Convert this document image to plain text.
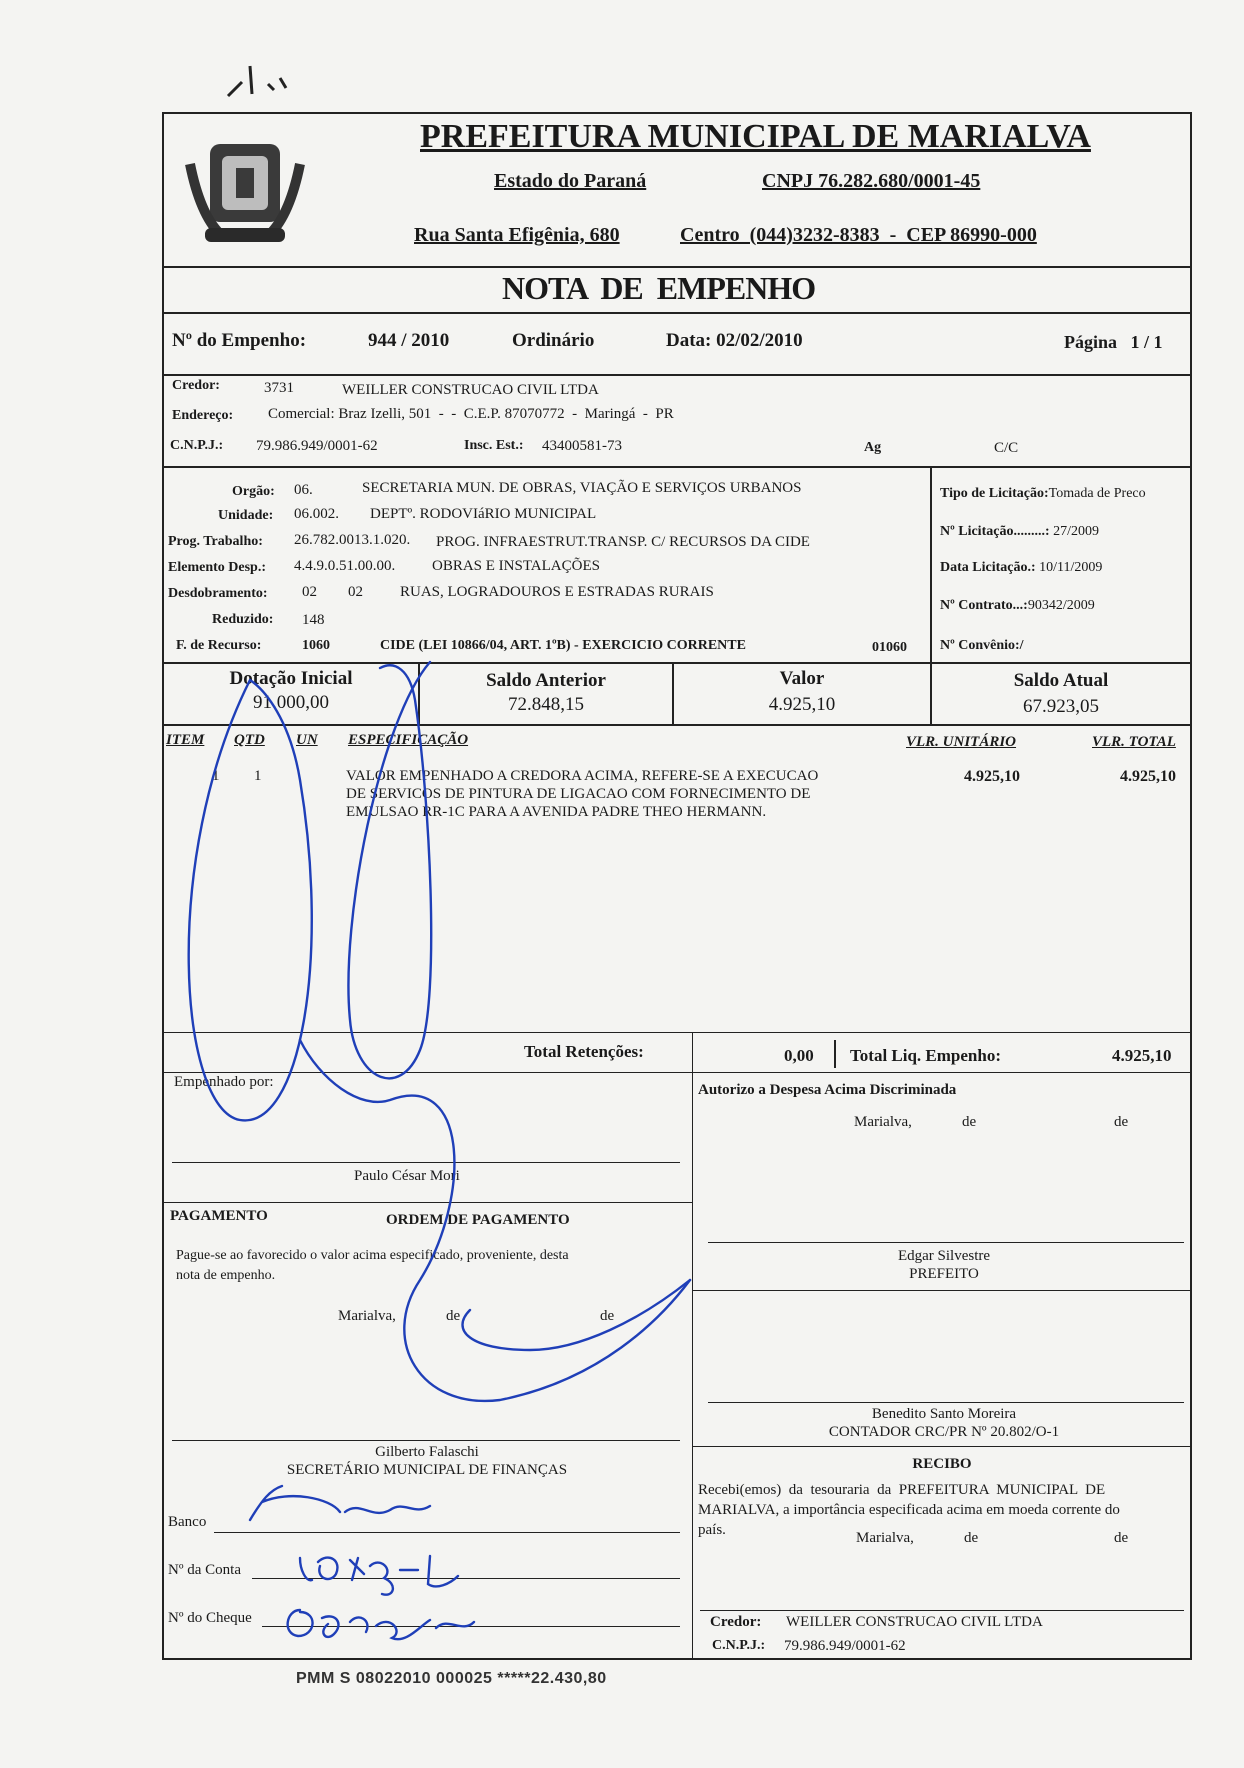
PREFEITURA MUNICIPAL DE MARIALVA
Estado do Paraná	CNPJ 76.282.680/0001-45
Rua Santa Efigênia, 680	Centro  (044)3232-8383  -  CEP 86990-000
NOTA  DE  EMPENHO
Nº do Empenho:	944 / 2010	Ordinário	Data: 02/02/2010	Página   1 / 1
Credor:	3731	WEILLER CONSTRUCAO CIVIL LTDA
Endereço: Comercial: Braz Izelli, 501  -  -  C.E.P. 87070772  -  Maringá  -  PR
C.N.P.J.: 79.986.949/0001-62	Insc. Est.: 43400581-73	Ag	C/C
Orgão: 06.	SECRETARIA MUN. DE OBRAS, VIAÇÃO E SERVIÇOS URBANOS
Unidade: 06.002. DEPTº. RODOVIáRIO MUNICIPAL
Prog. Trabalho: 26.782.0013.1.020. PROG. INFRAESTRUT.TRANSP. C/ RECURSOS DA CIDE
Elemento Desp.: 4.4.9.0.51.00.00. OBRAS E INSTALAÇÕES
Desdobramento: 02 02 RUAS, LOGRADOUROS E ESTRADAS RURAIS
Reduzido: 148
F. de Recurso:	1060	CIDE (LEI 10866/04, ART. 1ºB) - EXERCICIO CORRENTE	01060
Tipo de Licitação:Tomada de Preco
Nº Licitação.........: 27/2009
Data Licitação.: 10/11/2009
Nº Contrato...:90342/2009
Nº Convênio:/
Dotação Inicial
91.000,00
Saldo Anterior
72.848,15
Valor
4.925,10
Saldo Atual
67.923,05
ITEM QTD UN ESPECIFICAÇÃO	VLR. UNITÁRIO	VLR. TOTAL
1 1	VALOR EMPENHADO A CREDORA ACIMA, REFERE-SE A EXECUCAO
DE SERVICOS DE PINTURA DE LIGACAO COM FORNECIMENTO DE
EMULSAO RR-1C PARA A AVENIDA PADRE THEO HERMANN.
4.925,10	4.925,10
Total Retenções:	0,00 Total Liq. Empenho:	4.925,10
Empenhado por:
Paulo César Mori
Autorizo a Despesa Acima Discriminada
Marialva,	de	de
Edgar Silvestre
PREFEITO
PAGAMENTO	ORDEM DE PAGAMENTO
Pague-se ao favorecido o valor acima especificado, proveniente, desta
nota de empenho.
Marialva,	de	de
Gilberto Falaschi
SECRETÁRIO MUNICIPAL DE FINANÇAS
Benedito Santo Moreira
CONTADOR CRC/PR Nº 20.802/O-1
RECIBO
Recebi(emos)  da  tesouraria  da  PREFEITURA  MUNICIPAL  DE
MARIALVA, a importância especificada acima em moeda corrente do
país.	Marialva,	de	de
Credor: WEILLER CONSTRUCAO CIVIL LTDA
C.N.P.J.: 79.986.949/0001-62
Banco
Nº da Conta
Nº do Cheque
PMM S 08022010 000025 *****22.430,80
